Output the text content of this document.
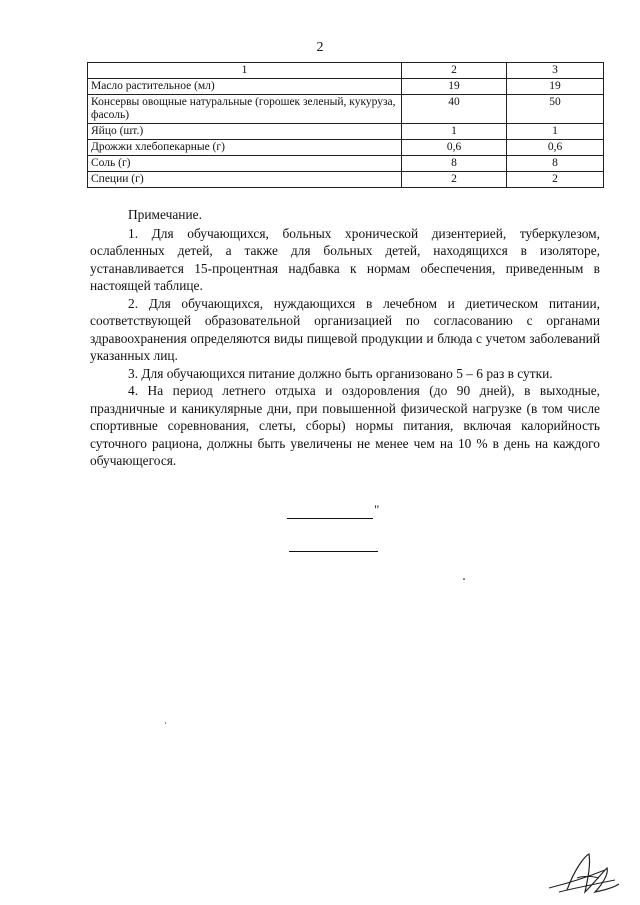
2
1	2	3
Масло растительное (мл)	19	19
Консервы овощные натуральные (горошек зеленый, кукуруза, фасоль)	40	50
Яйцо (шт.)	1	1
Дрожжи хлебопекарные (г)	0,6	0,6
Соль (г)	8	8
Специи (г)	2	2

Примечание.

1. Для обучающихся, больных хронической дизентерией, туберкулезом, ослабленных детей, а также для больных детей, находящихся в изоляторе, устанавливается 15-процентная надбавка к нормам обеспечения, приведенным в настоящей таблице.

2. Для обучающихся, нуждающихся в лечебном и диетическом питании, соответствующей образовательной организацией по согласованию с органами здравоохранения определяются виды пищевой продукции и блюда с учетом заболеваний указанных лиц.

3. Для обучающихся питание должно быть организовано 5 – 6 раз в сутки.

4. На период летнего отдыха и оздоровления (до 90 дней), в выходные, праздничные и каникулярные дни, при повышенной физической нагрузке (в том числе спортивные соревнования, слеты, сборы) нормы питания, включая калорийность суточного рациона, должны быть увеличены не менее чем на 10 % в день на каждого обучающегося.

"
